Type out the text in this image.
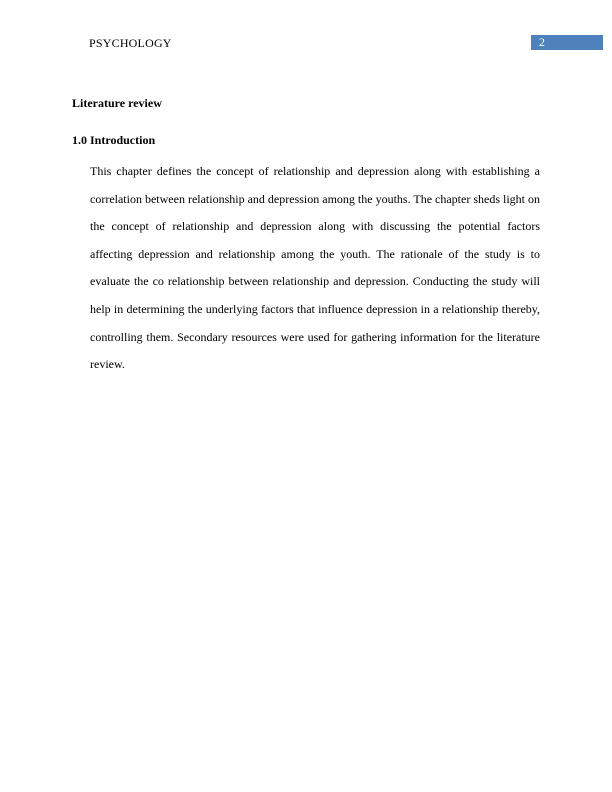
PSYCHOLOGY	2
Literature review
1.0 Introduction

This chapter defines the concept of relationship and depression along with establishing a correlation between relationship and depression among the youths. The chapter sheds light on the concept of relationship and depression along with discussing the potential factors affecting depression and relationship among the youth. The rationale of the study is to evaluate the co relationship between relationship and depression. Conducting the study will help in determining the underlying factors that influence depression in a relationship thereby, controlling them. Secondary resources were used for gathering information for the literature review.
